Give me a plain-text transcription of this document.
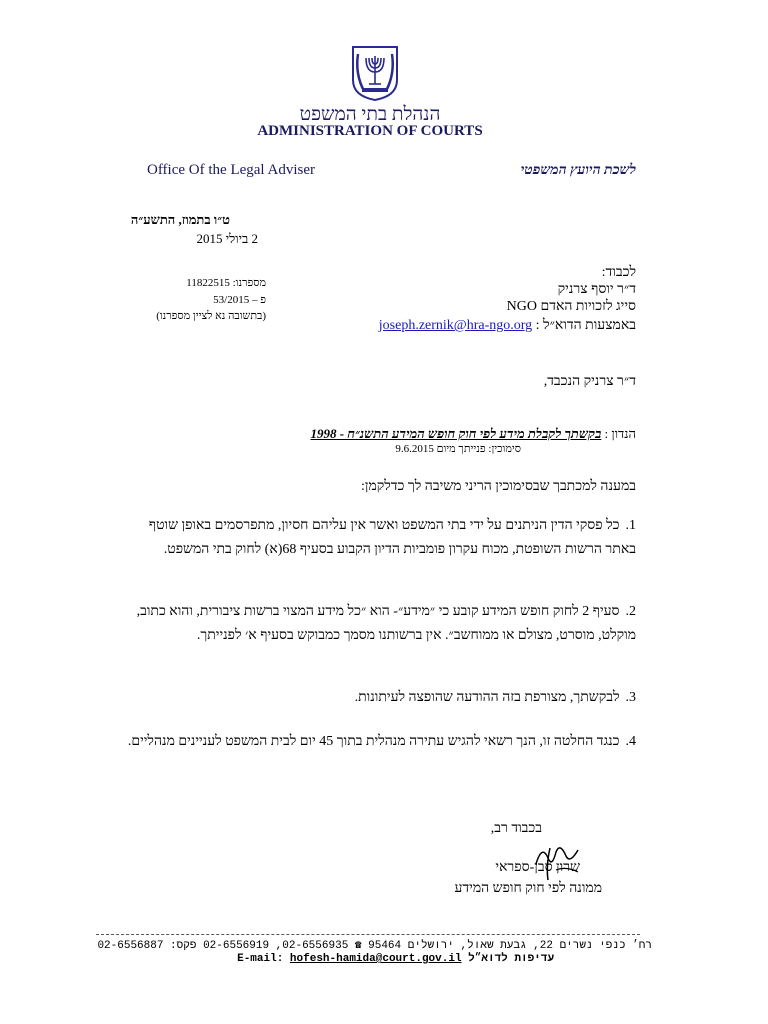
הנהלת בתי המשפט
ADMINISTRATION OF COURTS
Office Of the Legal Adviser	לשכת היועץ המשפטי
ט״ו בתמוז, התשע״ה
2 ביולי 2015
מספרנו: 11822515
פ – 53/2015
(בתשובה נא לציין מספרנו)
לכבוד:
ד״ר יוסף צרניק
סייג לזכויות האדם NGO
באמצעות הדוא״ל : joseph.zernik@hra-ngo.org
ד״ר צרניק הנכבד,
הנדון : בקשתך לקבלת מידע לפי חוק חופש המידע התשנ״ח - 1998
סימוכין: פנייתך מיום 9.6.2015
במענה למכתבך שבסימוכין הריני משיבה לך כדלקמן:
1.כל פסקי הדין הניתנים על ידי בתי המשפט ואשר אין עליהם חסיון, מתפרסמים באופן שוטף באתר הרשות השופטת, מכוח עקרון פומביות הדיון הקבוע בסעיף 68(א) לחוק בתי המשפט.
2.סעיף 2 לחוק חופש המידע קובע כי ״מידע״- הוא ״כל מידע המצוי ברשות ציבורית, והוא כתוב, מוקלט, מוסרט, מצולם או ממוחשב״. אין ברשותנו מסמך כמבוקש בסעיף א׳ לפנייתך.
3.לבקשתך, מצורפת בזה ההודעה שהופצה לעיתונות.
4.כנגד החלטה זו, הנך רשאי להגיש עתירה מנהלית בתוך 45 יום לבית המשפט לעניינים מנהליים.
בכבוד רב,
שרון סבן-ספראי
ממונה לפי חוק חופש המידע
רח׳ כנפי נשרים 22, גבעת שאול, ירושלים 95464 ☎ 02-6556935, 02-6556919 פקס: 02-6556887
E-mail: hofesh-hamida@court.gov.il עדיפות לדוא״ל
